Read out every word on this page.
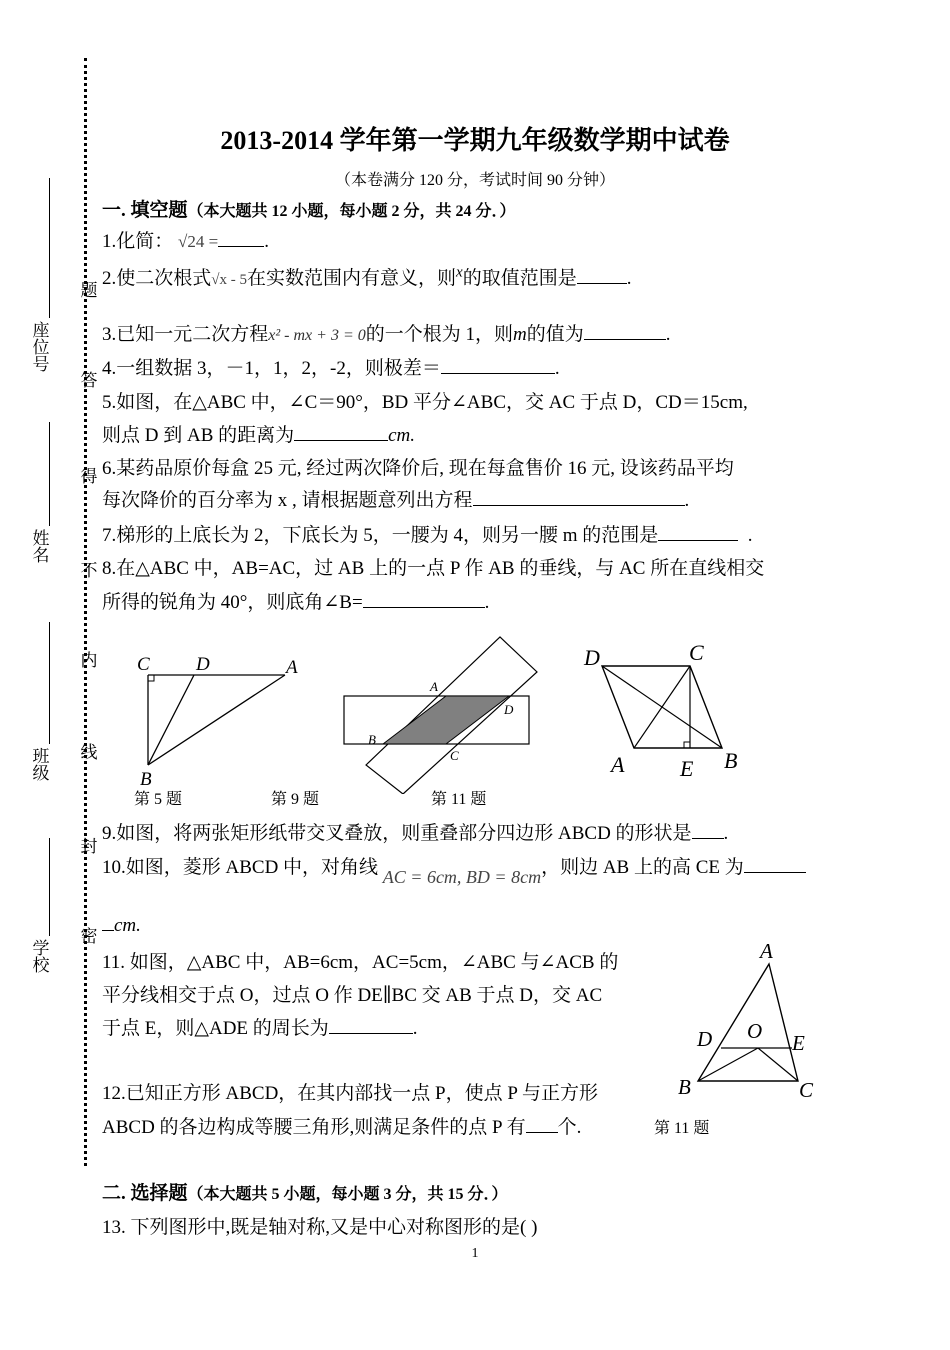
座位号
姓名
班级
学校
题
答
得
不
内
线
封
密
2013-2014 学年第一学期九年级数学期中试卷
（本卷满分 120 分，考试时间 90 分钟）
一. 填空题（本大题共 12 小题，每小题 2 分，共 24 分．）
1.化简： √24 = .
2.使二次根式√x - 5在实数范围内有意义，则$^x$的取值范围是	.
3.已知一元二次方程x² - mx + 3 = 0的一个根为 1，则m的值为	.
4.一组数据 3，－1，1，2，-2，则极差＝	.
5.如图，在△ABC 中，∠C＝90°，BD 平分∠ABC，交 AC 于点 D，CD＝15cm,
则点 D 到 AB 的距离为	cm.
6.某药品原价每盒 25 元, 经过两次降价后, 现在每盒售价 16 元, 设该药品平均
每次降价的百分率为 x , 请根据题意列出方程	.
7.梯形的上底长为 2，下底长为 5，一腰为 4，则另一腰 m 的范围是	.
8.在△ABC 中，AB=AC，过 AB 上的一点 P 作 AB 的垂线，与 AC 所在直线相交
所得的锐角为 40°，则底角∠B=	.
C D	A
B
A
D
B
C
D	C
A	E B
第 5 题	第 9 题	第 11 题
9.如图，将两张矩形纸带交叉叠放，则重叠部分四边形 ABCD 的形状是 .
10.如图，菱形 ABCD 中，对角线 AC = 6cm, BD = 8cm，则边 AB 上的高 CE 为
cm.
11. 如图，△ABC 中，AB=6cm，AC=5cm，∠ABC 与∠ACB 的
平分线相交于点 O，过点 O 作 DE∥BC 交 AB 于点 D，交 AC
于点 E，则△ADE 的周长为	.
A
D O E
B	C
12.已知正方形 ABCD，在其内部找一点 P，使点 P 与正方形
ABCD 的各边构成等腰三角形,则满足条件的点 P 有 个.	第 11 题
二. 选择题（本大题共 5 小题，每小题 3 分，共 15 分．）
13. 下列图形中,既是轴对称,又是中心对称图形的是( )
1
